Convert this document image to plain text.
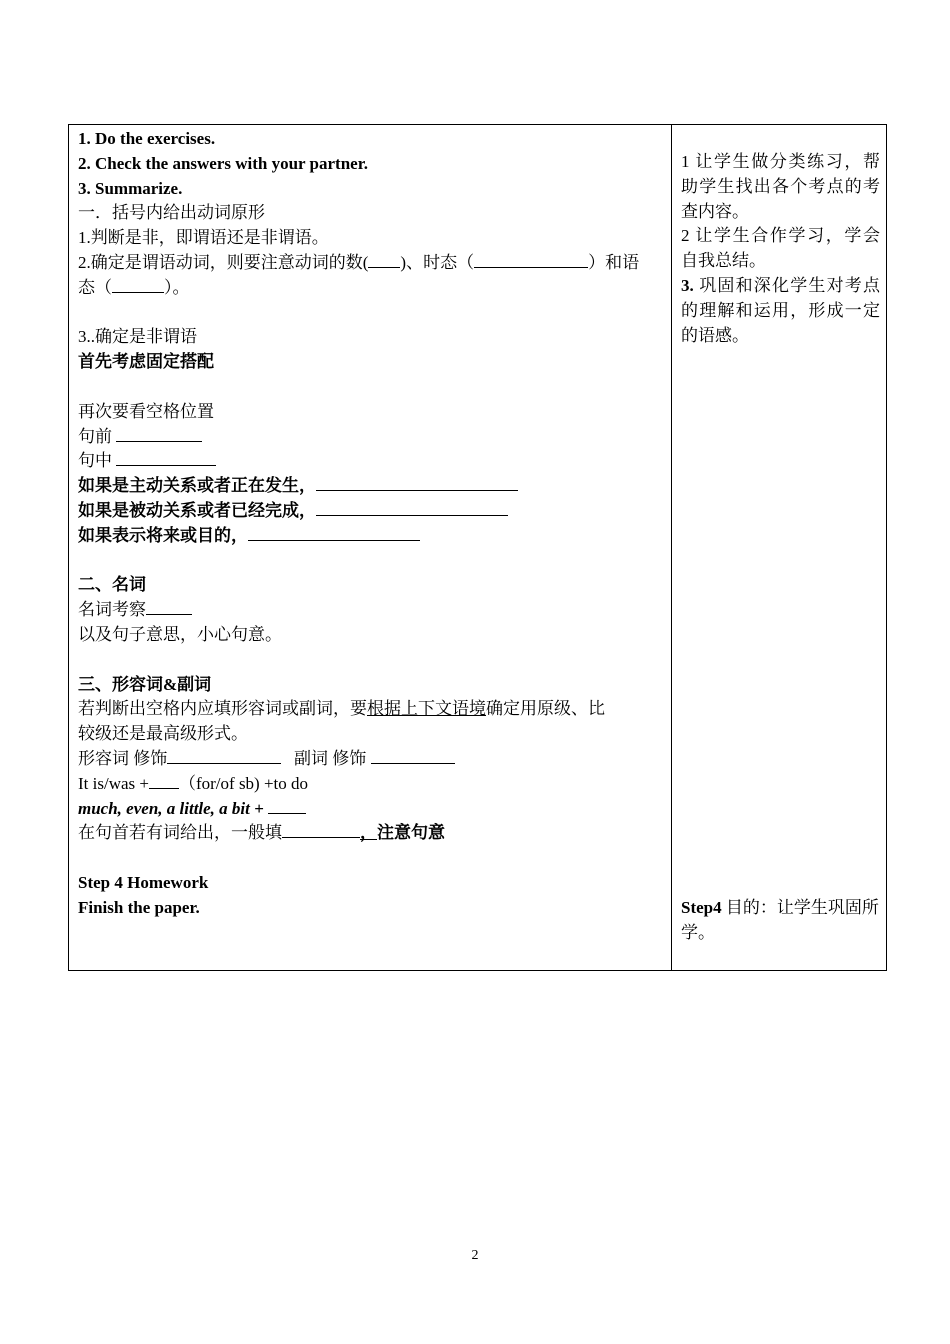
1. Do the exercises.
2. Check the answers with your partner.
3. Summarize.
一．括号内给出动词原形
1.判断是非，即谓语还是非谓语。
2.确定是谓语动词，则要注意动词的数( )、时态（	）和语
态（	）。
3..确定是非谓语
首先考虑固定搭配
再次要看空格位置
句前
句中
如果是主动关系或者正在发生，
如果是被动关系或者已经完成，
如果表示将来或目的，
二、名词
名词考察
以及句子意思，小心句意。
三、形容词&副词
若判断出空格内应填形容词或副词，要根据上下文语境确定用原级、比
较级还是最高级形式。
形容词 修饰	副词 修饰
It is/was + （for/of sb) +to do
much, even, a little, a bit +
在句首若有词给出，一般填	，注意句意
Step 4 Homework
Finish the paper.
1 让学生做分类练习，帮助学生找出各个考点的考查内容。
2 让学生合作学习，学会自我总结。
3. 巩固和深化学生对考点的理解和运用，形成一定的语感。
Step4 目的：让学生巩固所学。
2
